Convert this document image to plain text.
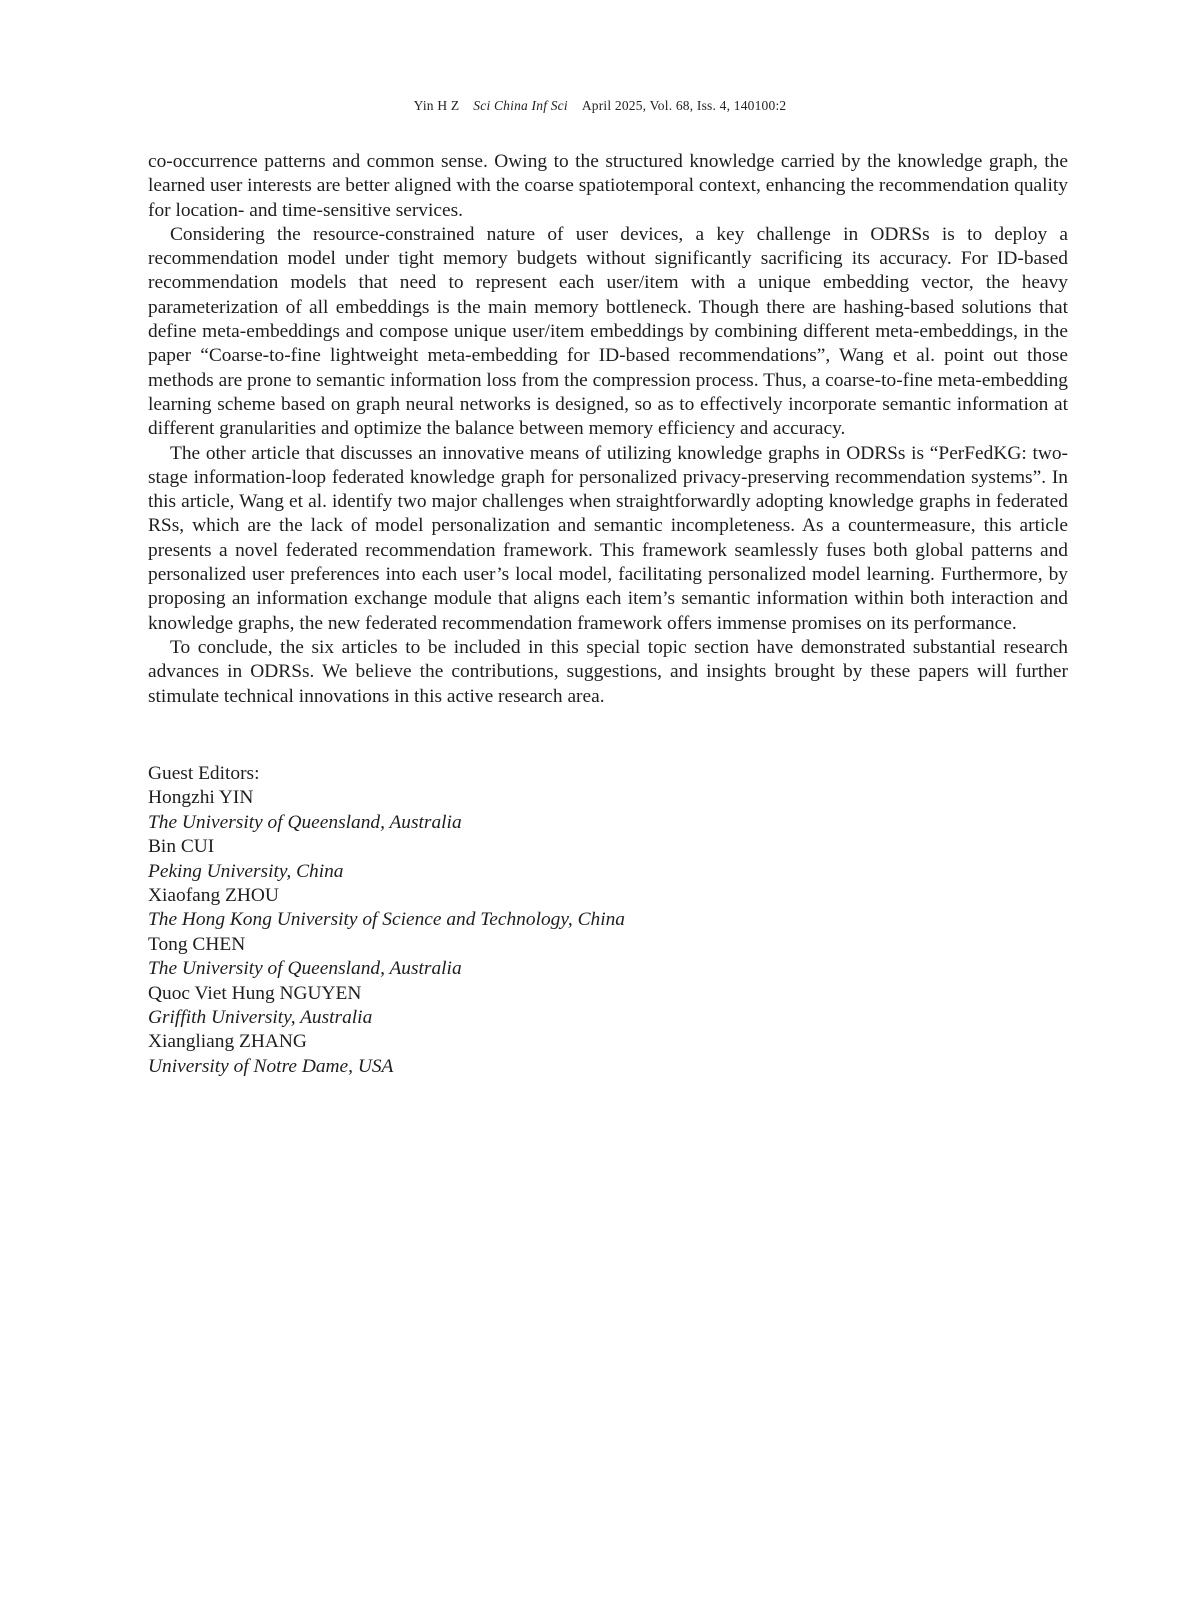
Yin H Z Sci China Inf Sci April 2025, Vol. 68, Iss. 4, 140100:2

co-occurrence patterns and common sense. Owing to the structured knowledge carried by the knowledge graph, the learned user interests are better aligned with the coarse spatiotemporal context, enhancing the recommendation quality for location- and time-sensitive services.

Considering the resource-constrained nature of user devices, a key challenge in ODRSs is to deploy a recommendation model under tight memory budgets without significantly sacrificing its accuracy. For ID-based recommendation models that need to represent each user/item with a unique embedding vector, the heavy parameterization of all embeddings is the main memory bottleneck. Though there are hashing-based solutions that define meta-embeddings and compose unique user/item embeddings by combining different meta-embeddings, in the paper “Coarse-to-fine lightweight meta-embedding for ID-based recommendations”, Wang et al. point out those methods are prone to semantic information loss from the compression process. Thus, a coarse-to-fine meta-embedding learning scheme based on graph neural networks is designed, so as to effectively incorporate semantic information at different granularities and optimize the balance between memory efficiency and accuracy.

The other article that discusses an innovative means of utilizing knowledge graphs in ODRSs is “PerFedKG: two-stage information-loop federated knowledge graph for personalized privacy-preserving recommendation systems”. In this article, Wang et al. identify two major challenges when straightforwardly adopting knowledge graphs in federated RSs, which are the lack of model personalization and semantic incompleteness. As a countermeasure, this article presents a novel federated recommendation framework. This framework seamlessly fuses both global patterns and personalized user preferences into each user’s local model, facilitating personalized model learning. Furthermore, by proposing an information exchange module that aligns each item’s semantic information within both interaction and knowledge graphs, the new federated recommendation framework offers immense promises on its performance.

To conclude, the six articles to be included in this special topic section have demonstrated substantial research advances in ODRSs. We believe the contributions, suggestions, and insights brought by these papers will further stimulate technical innovations in this active research area.

Guest Editors:
Hongzhi YIN
The University of Queensland, Australia
Bin CUI
Peking University, China
Xiaofang ZHOU
The Hong Kong University of Science and Technology, China
Tong CHEN
The University of Queensland, Australia
Quoc Viet Hung NGUYEN
Griffith University, Australia
Xiangliang ZHANG
University of Notre Dame, USA
